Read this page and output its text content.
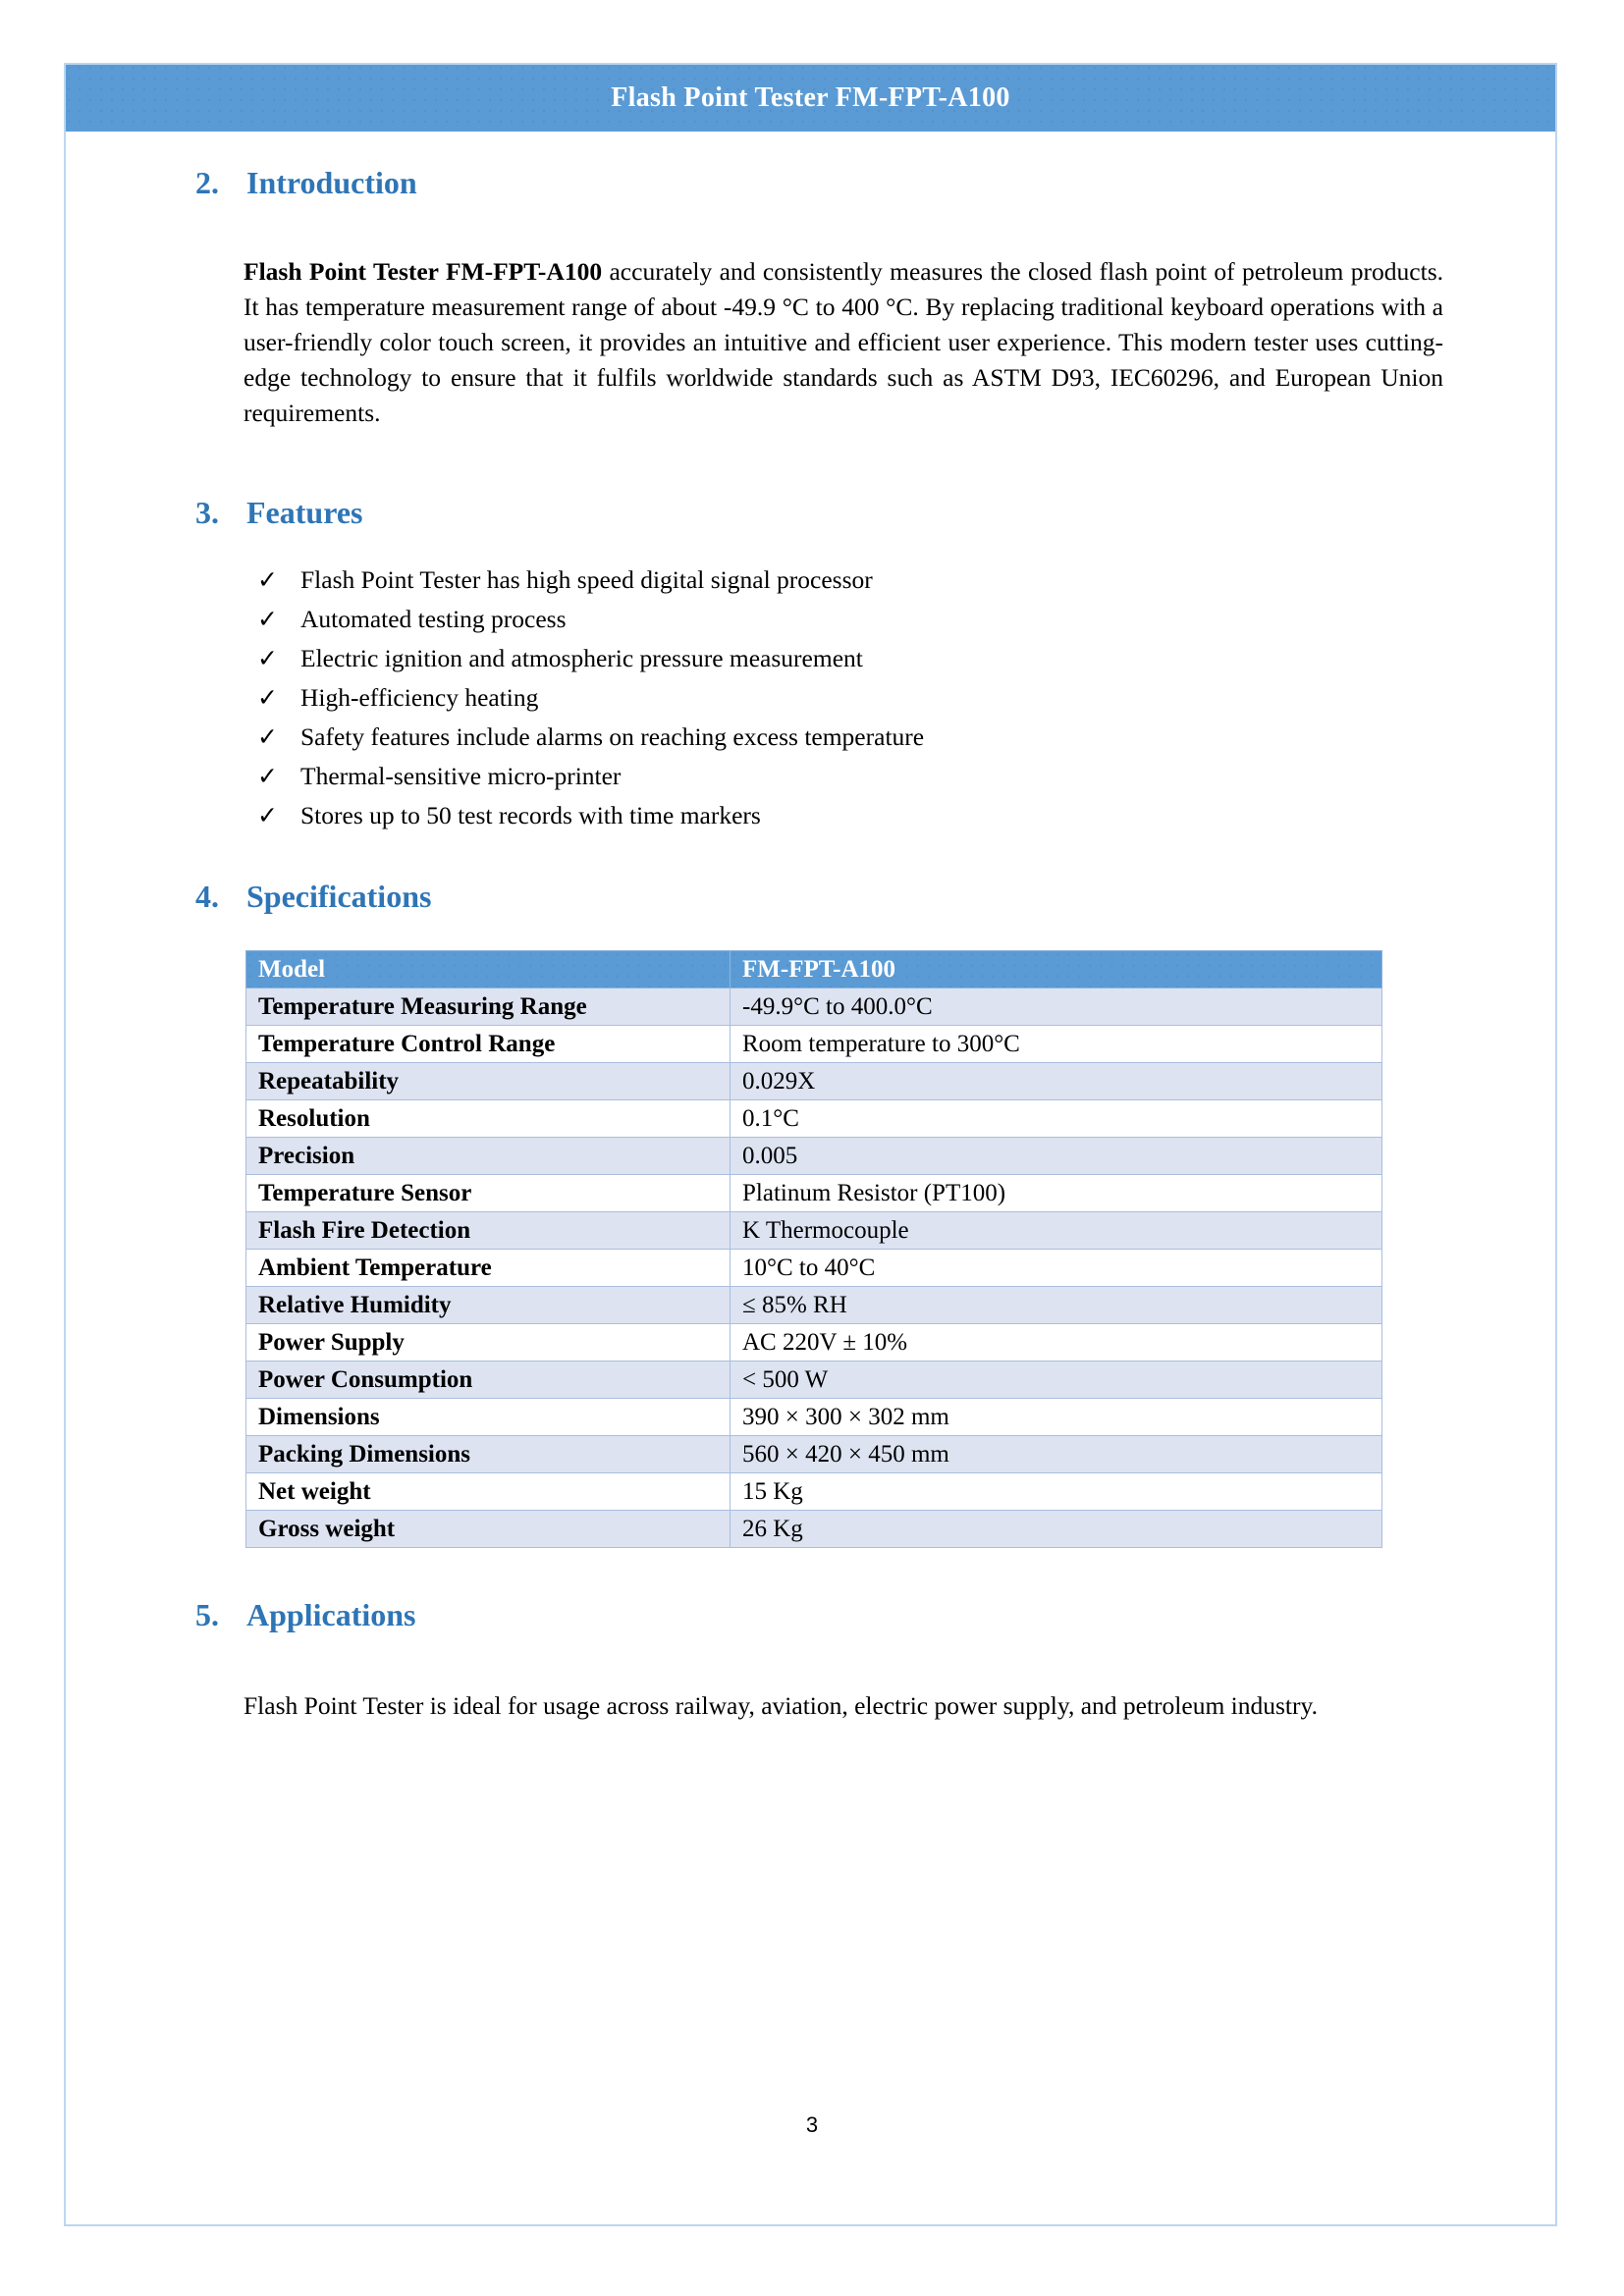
Flash Point Tester FM-FPT-A100
2. Introduction

Flash Point Tester FM-FPT-A100 accurately and consistently measures the closed flash point of petroleum products. It has temperature measurement range of about -49.9 °C to 400 °C. By replacing traditional keyboard operations with a user-friendly color touch screen, it provides an intuitive and efficient user experience. This modern tester uses cutting-edge technology to ensure that it fulfils worldwide standards such as ASTM D93, IEC60296, and European Union requirements.

3. Features
✓ Flash Point Tester has high speed digital signal processor
✓ Automated testing process
✓ Electric ignition and atmospheric pressure measurement
✓ High-efficiency heating
✓ Safety features include alarms on reaching excess temperature
✓ Thermal-sensitive micro-printer
✓ Stores up to 50 test records with time markers
4. Specifications
Model	FM-FPT-A100
Temperature Measuring Range	-49.9°C to 400.0°C
Temperature Control Range	Room temperature to 300°C
Repeatability	0.029X
Resolution	0.1°C
Precision	0.005
Temperature Sensor	Platinum Resistor (PT100)
Flash Fire Detection	K Thermocouple
Ambient Temperature	10°C to 40°C
Relative Humidity	≤ 85% RH
Power Supply	AC 220V ± 10%
Power Consumption	< 500 W
Dimensions	390 × 300 × 302 mm
Packing Dimensions	560 × 420 × 450 mm
Net weight	15 Kg
Gross weight	26 Kg
5. Applications

Flash Point Tester is ideal for usage across railway, aviation, electric power supply, and petroleum industry.

3
